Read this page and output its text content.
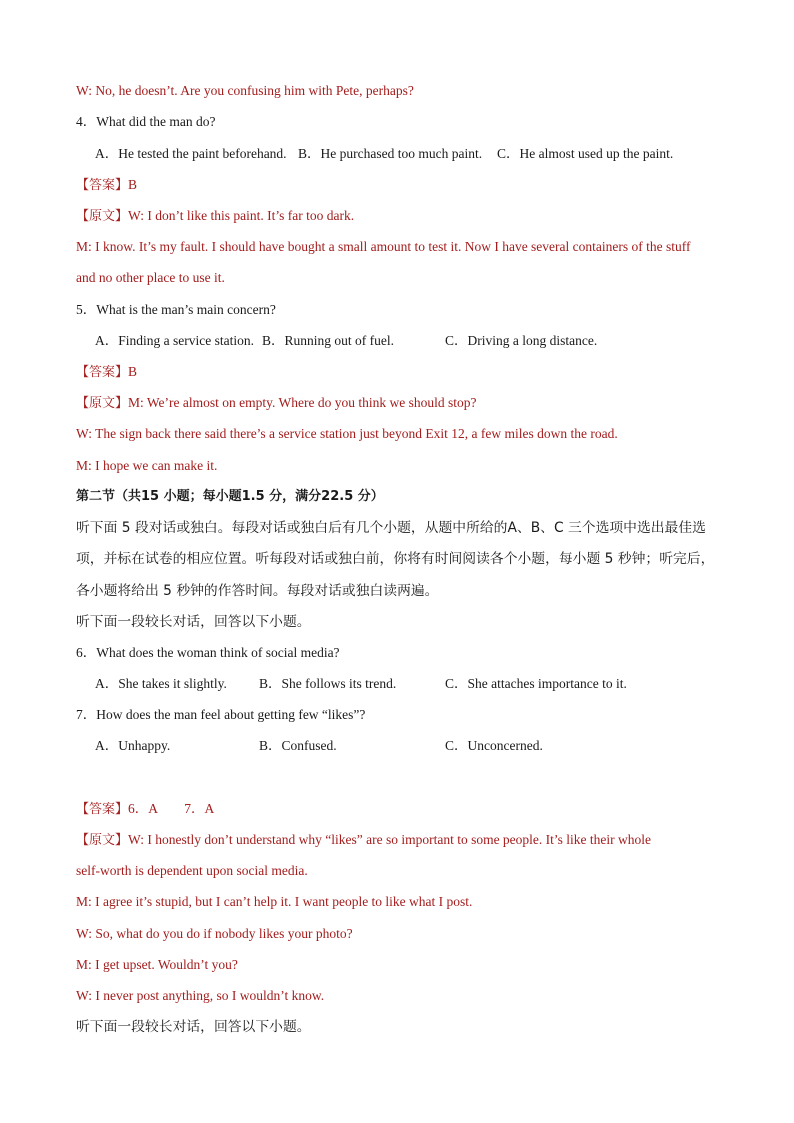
W: No, he doesn’t. Are you confusing him with Pete, perhaps?
4．What did the man do?
A．He tested the paint beforehand. B．He purchased too much paint. C．He almost used up the paint.
【答案】B
【原文】W: I don’t like this paint. It’s far too dark.
M: I know. It’s my fault. I should have bought a small amount to test it. Now I have several containers of the stuff
and no other place to use it.
5．What is the man’s main concern?
A．Finding a service station. B．Running out of fuel.	C．Driving a long distance.
【答案】B
【原文】M: We’re almost on empty. Where do you think we should stop?
W: The sign back there said there’s a service station just beyond Exit 12, a few miles down the road.
M: I hope we can make it.
第二节（共15 小题；每小题1.5 分，满分22.5 分）
听下面 5 段对话或独白。每段对话或独白后有几个小题，从题中所给的A、B、C 三个选项中选出最佳选
项，并标在试卷的相应位置。听每段对话或独白前，你将有时间阅读各个小题，每小题 5 秒钟；听完后，
各小题将给出 5 秒钟的作答时间。每段对话或独白读两遍。
听下面一段较长对话，回答以下小题。
6．What does the woman think of social media?
A．She takes it slightly. B．She follows its trend.	C．She attaches importance to it.
7．How does the man feel about getting few “likes”?
A．Unhappy.	B．Confused.	C．Unconcerned.
【答案】6．A　　7．A
【原文】W: I honestly don’t understand why “likes” are so important to some people. It’s like their whole
self-worth is dependent upon social media.
M: I agree it’s stupid, but I can’t help it. I want people to like what I post.
W: So, what do you do if nobody likes your photo?
M: I get upset. Wouldn’t you?
W: I never post anything, so I wouldn’t know.
听下面一段较长对话，回答以下小题。
